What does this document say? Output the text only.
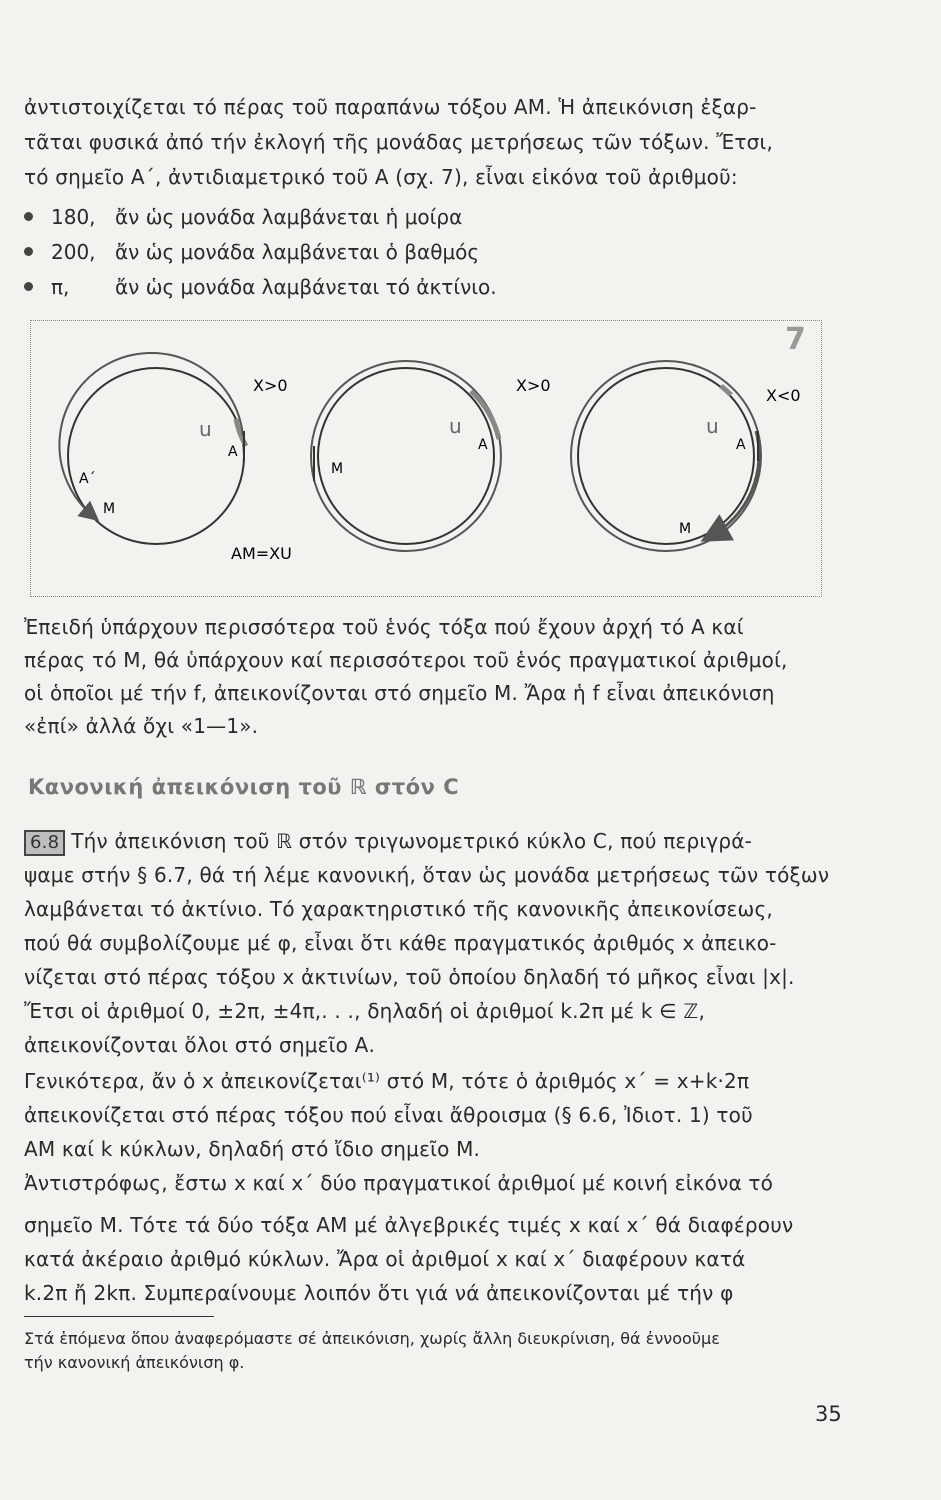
ἀντιστοιχίζεται τό πέρας τοῦ παραπάνω τόξου ΑΜ. Ἡ ἀπεικόνιση ἐξαρ-
τᾶται φυσικά ἀπό τήν ἐκλογή τῆς μονάδας μετρήσεως τῶν τόξων. Ἔτσι,
τό σημεῖο Α΄, ἀντιδιαμετρικό τοῦ Α (σχ. 7), εἶναι εἰκόνα τοῦ ἀριθμοῦ:
180, ἄν ὡς μονάδα λαμβάνεται ἡ μοίρα
200, ἄν ὡς μονάδα λαμβάνεται ὁ βαθμός
π, ἄν ὡς μονάδα λαμβάνεται τό ἀκτίνιο.
X>0
u
A
A΄
M
AM=XU
X>0
u
A
M
X<0
u
A
M
7
Ἐπειδή ὑπάρχουν περισσότερα τοῦ ἑνός τόξα πού ἔχουν ἀρχή τό Α καί
πέρας τό Μ, θά ὑπάρχουν καί περισσότεροι τοῦ ἑνός πραγματικοί ἀριθμοί,
οἱ ὁποῖοι μέ τήν f, ἀπεικονίζονται στό σημεῖο Μ. Ἄρα ἡ f εἶναι ἀπεικόνιση
«ἐπί» ἀλλά ὄχι «1—1».
Κανονική ἀπεικόνιση τοῦ ℝ στόν C
6.8 Τήν ἀπεικόνιση τοῦ ℝ στόν τριγωνομετρικό κύκλο C, πού περιγρά-
ψαμε στήν § 6.7, θά τή λέμε κανονική, ὅταν ὡς μονάδα μετρήσεως τῶν τόξων
λαμβάνεται τό ἀκτίνιο. Τό χαρακτηριστικό τῆς κανονικῆς ἀπεικονίσεως,
πού θά συμβολίζουμε μέ φ, εἶναι ὅτι κάθε πραγματικός ἀριθμός x ἀπεικο-
νίζεται στό πέρας τόξου x ἀκτινίων, τοῦ ὁποίου δηλαδή τό μῆκος εἶναι |x|.
Ἔτσι οἱ ἀριθμοί 0, ±2π, ±4π,. . ., δηλαδή οἱ ἀριθμοί k.2π μέ k ∈ ℤ,
ἀπεικονίζονται ὅλοι στό σημεῖο Α.
Γενικότερα, ἄν ὁ x ἀπεικονίζεται⁽¹⁾ στό Μ, τότε ὁ ἀριθμός x΄ = x+k·2π
ἀπεικονίζεται στό πέρας τόξου πού εἶναι ἄθροισμα (§ 6.6, Ἰδιοτ. 1) τοῦ
ΑΜ καί k κύκλων, δηλαδή στό ἴδιο σημεῖο Μ.
Ἀντιστρόφως, ἔστω x καί x΄ δύο πραγματικοί ἀριθμοί μέ κοινή εἰκόνα τό
σημεῖο Μ. Τότε τά δύο τόξα ΑΜ μέ ἀλγεβρικές τιμές x καί x΄ θά διαφέρουν
κατά ἀκέραιο ἀριθμό κύκλων. Ἄρα οἱ ἀριθμοί x καί x΄ διαφέρουν κατά
k.2π ἤ 2kπ. Συμπεραίνουμε λοιπόν ὅτι γιά νά ἀπεικονίζονται μέ τήν φ
Στά ἑπόμενα ὅπου ἀναφερόμαστε σέ ἀπεικόνιση, χωρίς ἄλλη διευκρίνιση, θά ἐννοοῦμε
τήν κανονική ἀπεικόνιση φ.
35
